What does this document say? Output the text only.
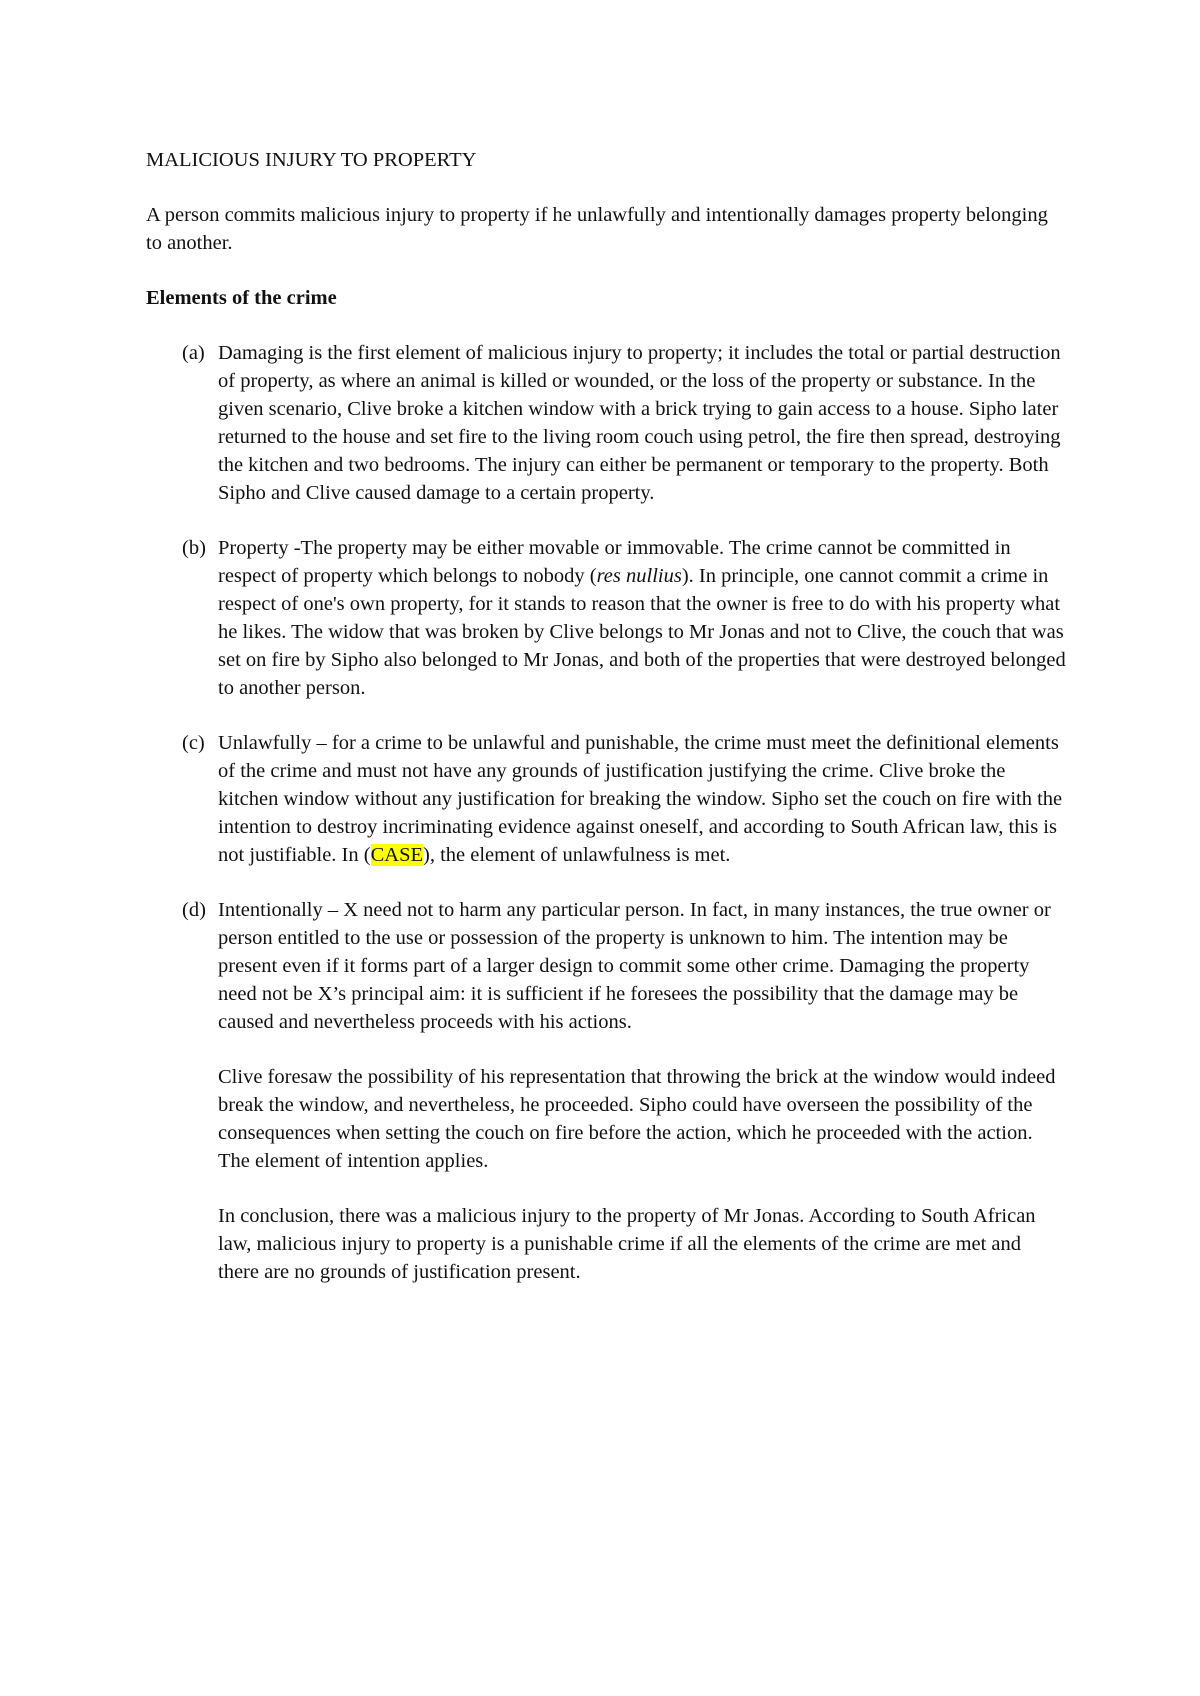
MALICIOUS INJURY TO PROPERTY

A person commits malicious injury to property if he unlawfully and intentionally damages property belonging to another.

Elements of the crime
(a) Damaging is the first element of malicious injury to property; it includes the total or partial destruction of property, as where an animal is killed or wounded, or the loss of the property or substance. In the given scenario, Clive broke a kitchen window with a brick trying to gain access to a house. Sipho later returned to the house and set fire to the living room couch using petrol, the fire then spread, destroying the kitchen and two bedrooms. The injury can either be permanent or temporary to the property. Both Sipho and Clive caused damage to a certain property.

(b) Property -The property may be either movable or immovable. The crime cannot be committed in respect of property which belongs to nobody (res nullius). In principle, one cannot commit a crime in respect of one's own property, for it stands to reason that the owner is free to do with his property what he likes. The widow that was broken by Clive belongs to Mr Jonas and not to Clive, the couch that was set on fire by Sipho also belonged to Mr Jonas, and both of the properties that were destroyed belonged to another person.

(c) Unlawfully – for a crime to be unlawful and punishable, the crime must meet the definitional elements of the crime and must not have any grounds of justification justifying the crime. Clive broke the kitchen window without any justification for breaking the window. Sipho set the couch on fire with the intention to destroy incriminating evidence against oneself, and according to South African law, this is not justifiable. In (CASE), the element of unlawfulness is met.

(d) Intentionally – X need not to harm any particular person. In fact, in many instances, the true owner or person entitled to the use or possession of the property is unknown to him. The intention may be present even if it forms part of a larger design to commit some other crime. Damaging the property need not be X’s principal aim: it is sufficient if he foresees the possibility that the damage may be caused and nevertheless proceeds with his actions.

Clive foresaw the possibility of his representation that throwing the brick at the window would indeed break the window, and nevertheless, he proceeded. Sipho could have overseen the possibility of the consequences when setting the couch on fire before the action, which he proceeded with the action. The element of intention applies.

In conclusion, there was a malicious injury to the property of Mr Jonas. According to South African law, malicious injury to property is a punishable crime if all the elements of the crime are met and there are no grounds of justification present.
